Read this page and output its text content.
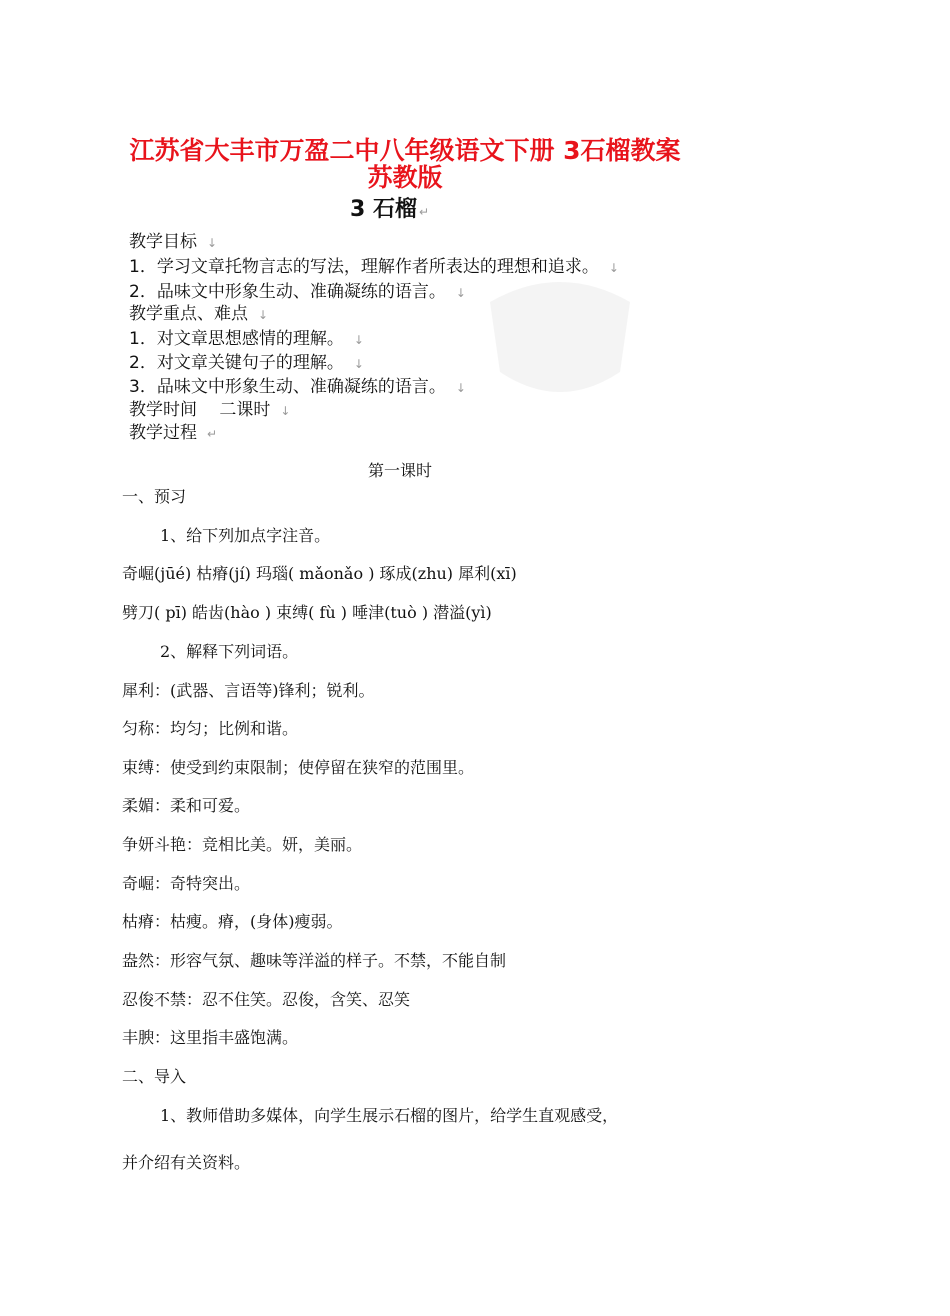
江苏省大丰市万盈二中八年级语文下册 3石榴教案
苏教版
3 石榴 ↵
教学目标 ↓
1．学习文章托物言志的写法，理解作者所表达的理想和追求。 ↓
2．品味文中形象生动、准确凝练的语言。 ↓
教学重点、难点 ↓
1．对文章思想感情的理解。 ↓
2．对文章关键句子的理解。 ↓
3．品味文中形象生动、准确凝练的语言。 ↓
教学时间　 二课时 ↓
教学过程 ↵
第一课时
一、预习
1、给下列加点字注音。
奇崛(jūé) 枯瘠(jí) 玛瑙( mǎonǎo ) 琢成(zhu) 犀利(xī)
劈刀( pī) 皓齿(hào ) 束缚( fù ) 唾津(tuò ) 潜溢(yì)
2、解释下列词语。
犀利：(武器、言语等)锋利；锐利。
匀称：均匀；比例和谐。
束缚：使受到约束限制；使停留在狭窄的范围里。
柔媚：柔和可爱。
争妍斗艳：竞相比美。妍，美丽。
奇崛：奇特突出。
枯瘠：枯瘦。瘠，(身体)瘦弱。
盎然：形容气氛、趣味等洋溢的样子。不禁，不能自制
忍俊不禁：忍不住笑。忍俊，含笑、忍笑
丰腴：这里指丰盛饱满。
二、导入
1、教师借助多媒体，向学生展示石榴的图片，给学生直观感受，
并介绍有关资料。
